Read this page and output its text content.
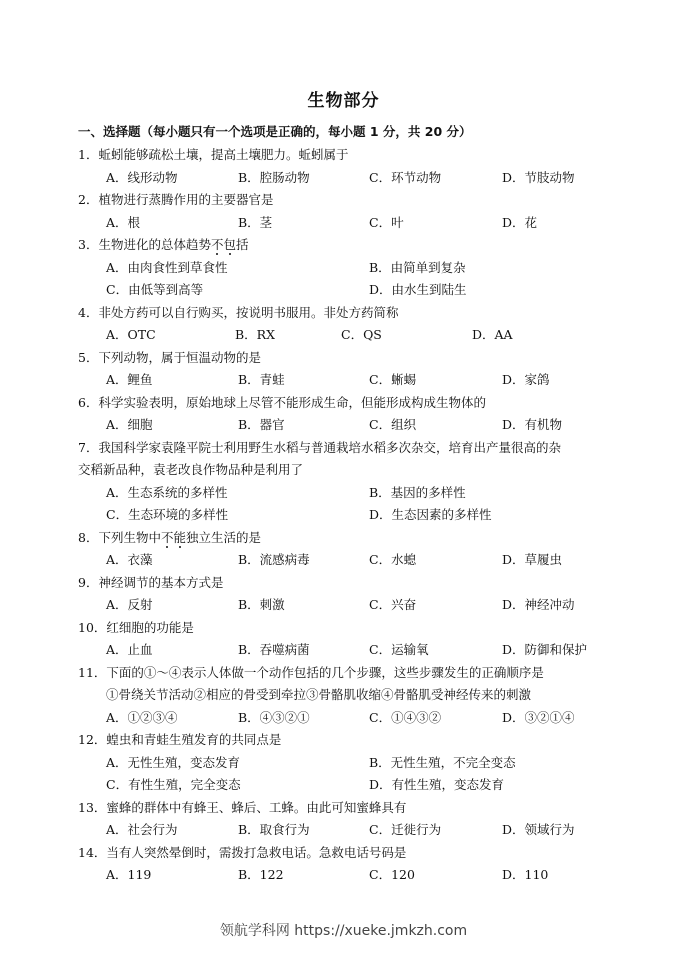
生物部分
一、选择题（每小题只有一个选项是正确的，每小题 1 分，共 20 分）
1．蚯蚓能够疏松土壤，提高土壤肥力。蚯蚓属于
A．线形动物	B．腔肠动物	C．环节动物	D．节肢动物
2．植物进行蒸腾作用的主要器官是
A．根	B．茎	C．叶	D．花
3．生物进化的总体趋势不包括
A．由肉食性到草食性	B．由简单到复杂
C．由低等到高等	D．由水生到陆生
4．非处方药可以自行购买，按说明书服用。非处方药简称
A．OTC	B．RX	C．QS	D．AA
5．下列动物，属于恒温动物的是
A．鲤鱼	B．青蛙	C．蜥蜴	D．家鸽
6．科学实验表明，原始地球上尽管不能形成生命，但能形成构成生物体的
A．细胞	B．器官	C．组织	D．有机物
7．我国科学家袁隆平院士利用野生水稻与普通栽培水稻多次杂交，培育出产量很高的杂
交稻新品种，袁老改良作物品种是利用了
A．生态系统的多样性	B．基因的多样性
C．生态环境的多样性	D．生态因素的多样性
8．下列生物中不能独立生活的是
A．衣藻	B．流感病毒	C．水螅	D．草履虫
9．神经调节的基本方式是
A．反射	B．刺激	C．兴奋	D．神经冲动
10．红细胞的功能是
A．止血	B．吞噬病菌	C．运输氧	D．防御和保护
11．下面的①～④表示人体做一个动作包括的几个步骤，这些步骤发生的正确顺序是
①骨绕关节活动②相应的骨受到牵拉③骨骼肌收缩④骨骼肌受神经传来的刺激
A．①②③④	B．④③②①	C．①④③②	D．③②①④
12．蝗虫和青蛙生殖发育的共同点是
A．无性生殖，变态发育	B．无性生殖，不完全变态
C．有性生殖，完全变态	D．有性生殖，变态发育
13．蜜蜂的群体中有蜂王、蜂后、工蜂。由此可知蜜蜂具有
A．社会行为	B．取食行为	C．迁徙行为	D．领域行为
14．当有人突然晕倒时，需拨打急救电话。急救电话号码是
A．119	B．122	C．120	D．110
领航学科网 https://xueke.jmkzh.com
